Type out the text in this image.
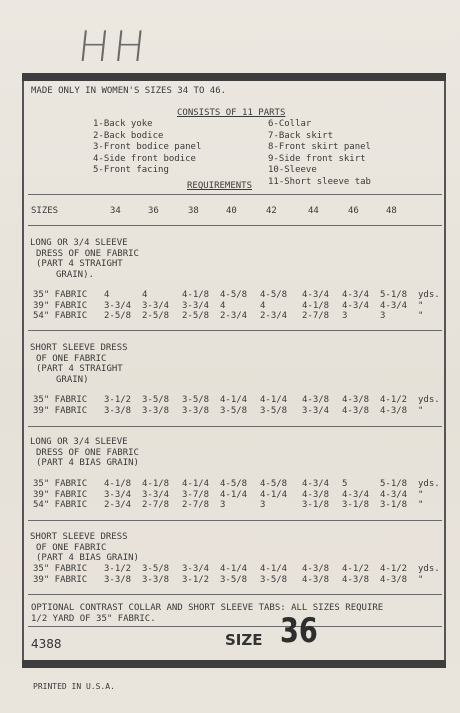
HH
MADE ONLY IN WOMEN'S SIZES 34 TO 46.
CONSISTS OF 11 PARTS
REQUIREMENTS
SIZES
OPTIONAL CONTRAST COLLAR AND SHORT SLEEVE TABS: ALL SIZES REQUIRE
1/2 YARD OF 35" FABRIC.
4388	SIZE 36
PRINTED IN U.S.A.
1-Back yoke
2-Back bodice
3-Front bodice panel
4-Side front bodice
5-Front facing
6-Collar
7-Back skirt
8-Front skirt panel
9-Side front skirt
10-Sleeve
11-Short sleeve tab
34	36	38	40	42	44	46	48
LONG OR 3/4 SLEEVE
DRESS OF ONE FABRIC
(PART 4 STRAIGHT
GRAIN).
35" FABRIC 4	4	4-1/8 4-5/8 4-5/8 4-3/4 4-3/4 5-1/8 yds.
39" FABRIC 3-3/4 3-3/4 3-3/4 4	4	4-1/8 4-3/4 4-3/4 "
54" FABRIC 2-5/8 2-5/8 2-5/8 2-3/4 2-3/4 2-7/8 3	3	"
SHORT SLEEVE DRESS
OF ONE FABRIC
(PART 4 STRAIGHT
GRAIN)
35" FABRIC 3-1/2 3-5/8 3-5/8 4-1/4 4-1/4 4-3/8 4-3/8 4-1/2 yds.
39" FABRIC 3-3/8 3-3/8 3-3/8 3-5/8 3-5/8 3-3/4 4-3/8 4-3/8 "
LONG OR 3/4 SLEEVE
DRESS OF ONE FABRIC
(PART 4 BIAS GRAIN)
35" FABRIC 4-1/8 4-1/8 4-1/4 4-5/8 4-5/8 4-3/4 5	5-1/8 yds.
39" FABRIC 3-3/4 3-3/4 3-7/8 4-1/4 4-1/4 4-3/8 4-3/4 4-3/4 "
54" FABRIC 2-3/4 2-7/8 2-7/8 3	3	3-1/8 3-1/8 3-1/8 "
SHORT SLEEVE DRESS
OF ONE FABRIC
(PART 4 BIAS GRAIN)
35" FABRIC 3-1/2 3-5/8 3-3/4 4-1/4 4-1/4 4-3/8 4-1/2 4-1/2 yds.
39" FABRIC 3-3/8 3-3/8 3-1/2 3-5/8 3-5/8 4-3/8 4-3/8 4-3/8 "
